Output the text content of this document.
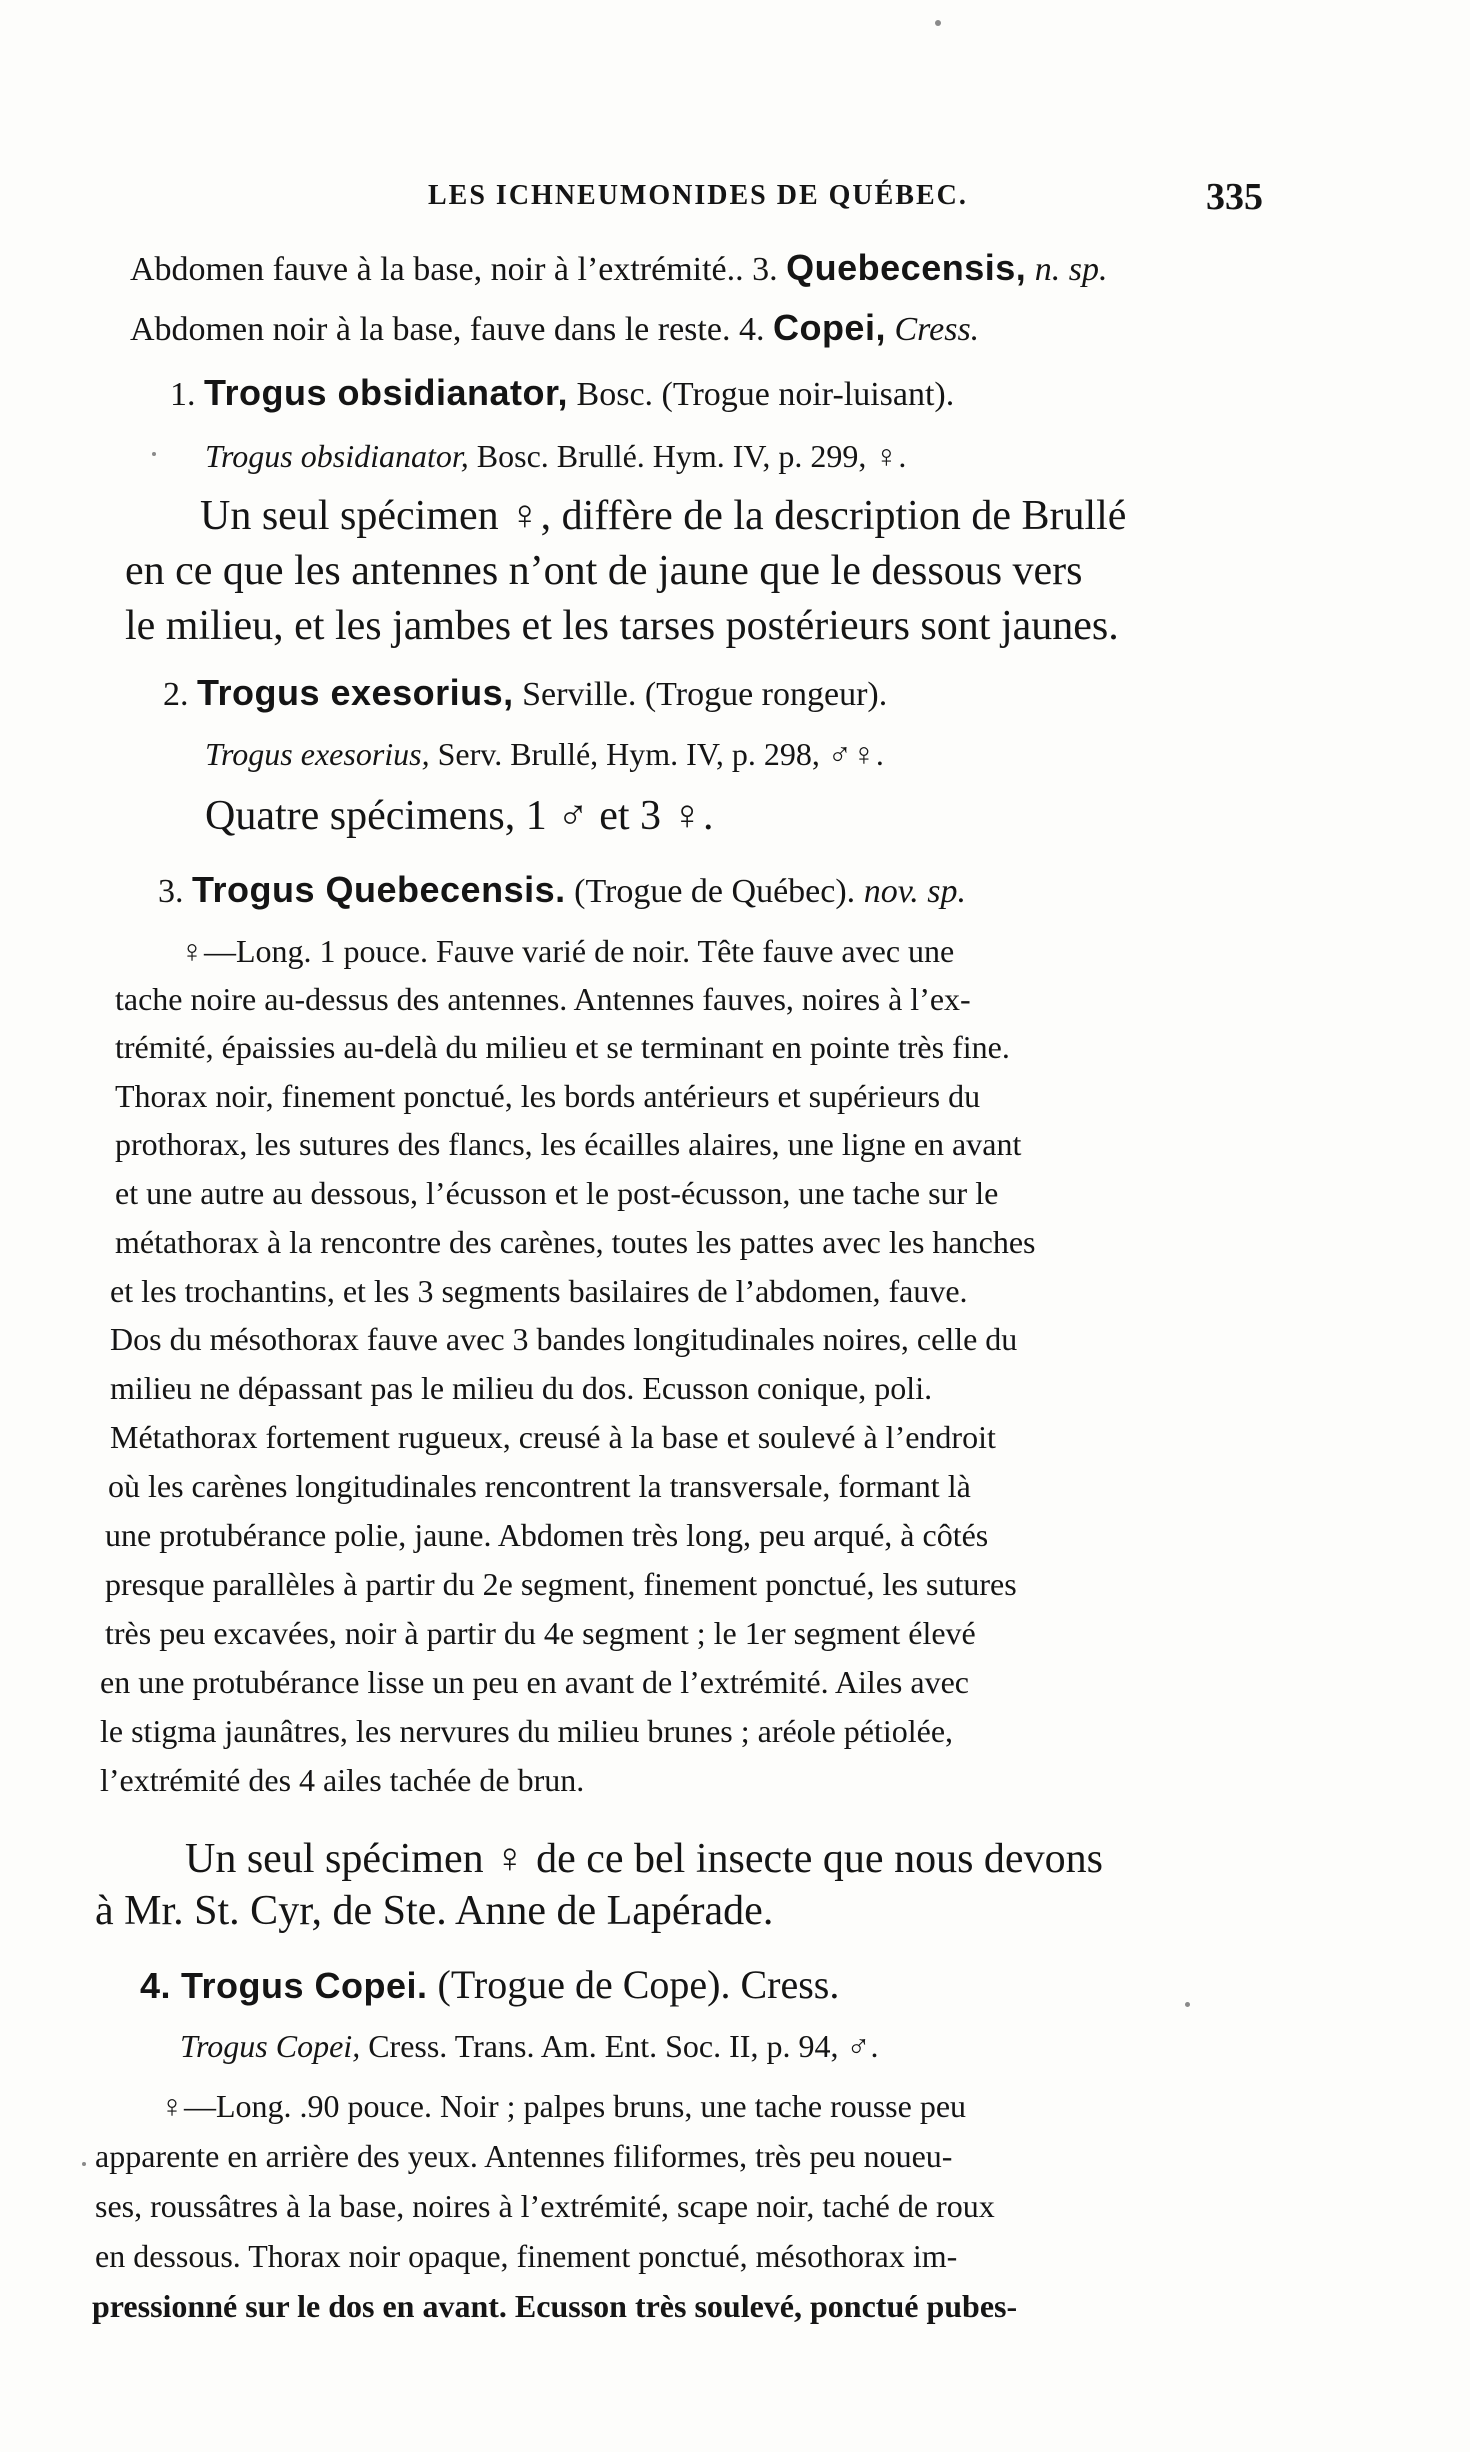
LES ICHNEUMONIDES DE QUÉBEC.	335
Abdomen fauve à la base, noir à l’extrémité.. 3. Quebecensis, n. sp.
Abdomen noir à la base, fauve dans le reste. 4. Copei, Cress.
1. Trogus obsidianator, Bosc. (Trogue noir-luisant).
Trogus obsidianator, Bosc. Brullé. Hym. IV, p. 299, ♀.
Un seul spécimen ♀, diffère de la description de Brullé
en ce que les antennes n’ont de jaune que le dessous vers
le milieu, et les jambes et les tarses postérieurs sont jaunes.
2. Trogus exesorius, Serville. (Trogue rongeur).
Trogus exesorius, Serv. Brullé, Hym. IV, p. 298, ♂♀.
Quatre spécimens, 1 ♂ et 3 ♀.
3. Trogus Quebecensis. (Trogue de Québec). nov. sp.
♀—Long. 1 pouce. Fauve varié de noir. Tête fauve avec une
tache noire au-dessus des antennes. Antennes fauves, noires à l’ex-
trémité, épaissies au-delà du milieu et se terminant en pointe très fine.
Thorax noir, finement ponctué, les bords antérieurs et supérieurs du
prothorax, les sutures des flancs, les écailles alaires, une ligne en avant
et une autre au dessous, l’écusson et le post-écusson, une tache sur le
métathorax à la rencontre des carènes, toutes les pattes avec les hanches
et les trochantins, et les 3 segments basilaires de l’abdomen, fauve.
Dos du mésothorax fauve avec 3 bandes longitudinales noires, celle du
milieu ne dépassant pas le milieu du dos. Ecusson conique, poli.
Métathorax fortement rugueux, creusé à la base et soulevé à l’endroit
où les carènes longitudinales rencontrent la transversale, formant là
une protubérance polie, jaune. Abdomen très long, peu arqué, à côtés
presque parallèles à partir du 2e segment, finement ponctué, les sutures
très peu excavées, noir à partir du 4e segment ; le 1er segment élevé
en une protubérance lisse un peu en avant de l’extrémité. Ailes avec
le stigma jaunâtres, les nervures du milieu brunes ; aréole pétiolée,
l’extrémité des 4 ailes tachée de brun.
Un seul spécimen ♀ de ce bel insecte que nous devons
à Mr. St. Cyr, de Ste. Anne de Lapérade.
4. Trogus Copei. (Trogue de Cope). Cress.
Trogus Copei, Cress. Trans. Am. Ent. Soc. II, p. 94, ♂.
♀—Long. .90 pouce. Noir ; palpes bruns, une tache rousse peu
apparente en arrière des yeux. Antennes filiformes, très peu noueu-
ses, roussâtres à la base, noires à l’extrémité, scape noir, taché de roux
en dessous. Thorax noir opaque, finement ponctué, mésothorax im-
pressionné sur le dos en avant. Ecusson très soulevé, ponctué pubes-
